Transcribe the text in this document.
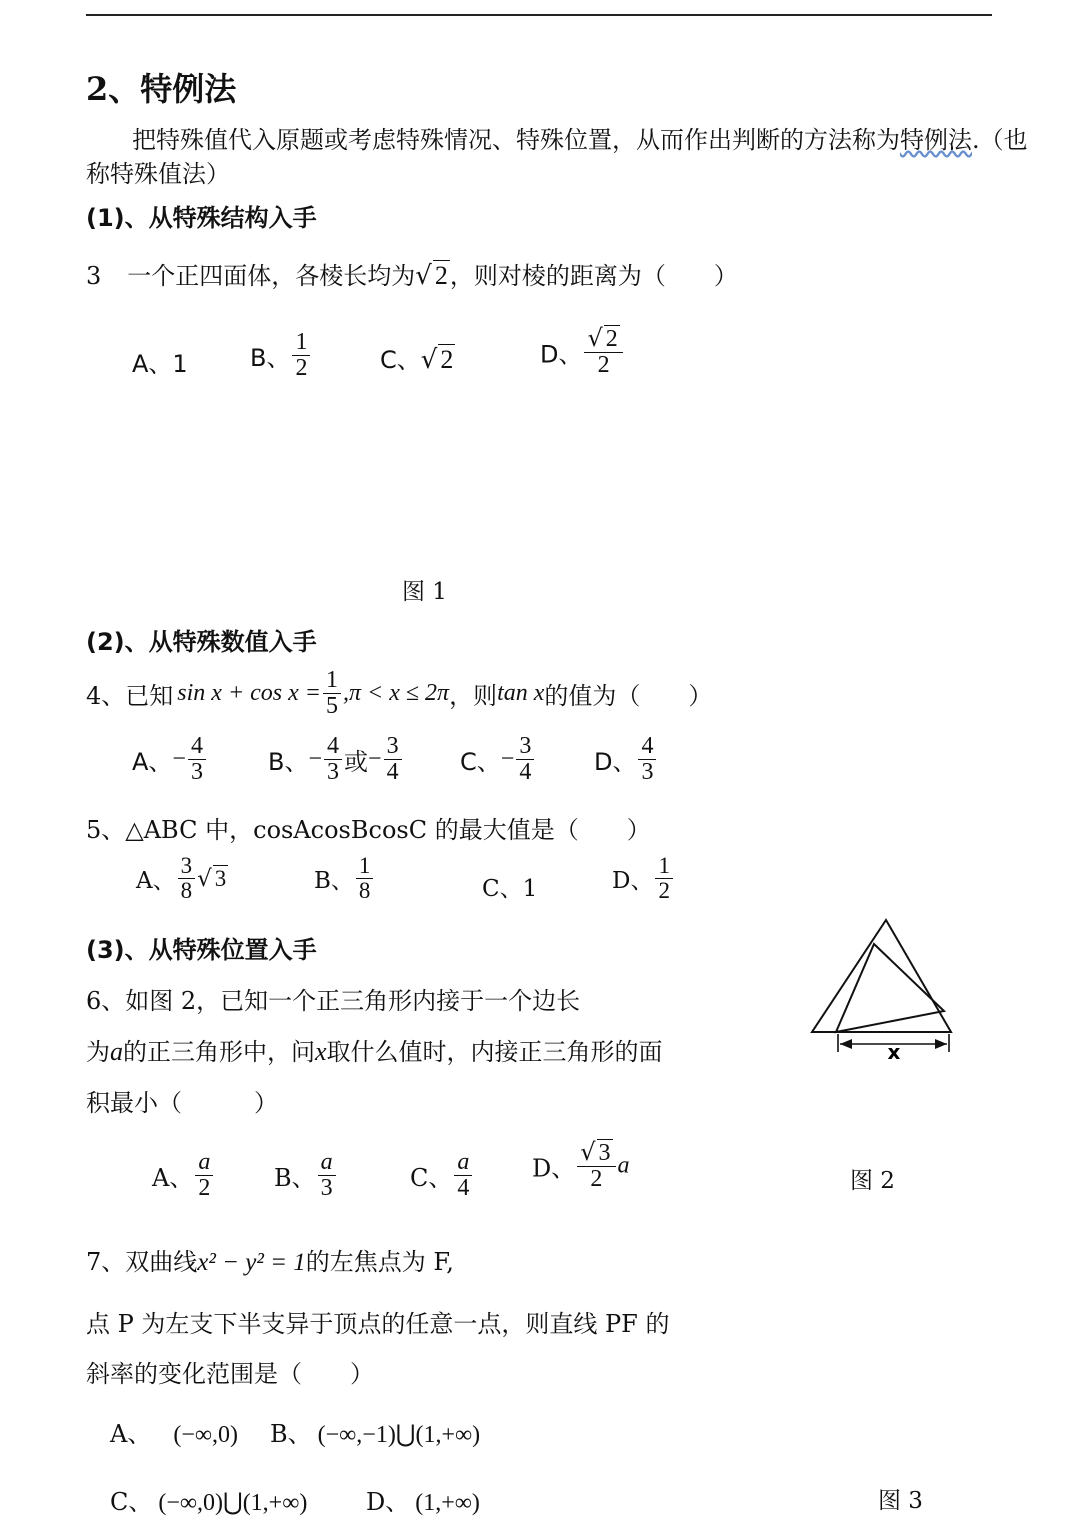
2、特例法
把特殊值代入原题或考虑特殊情况、特殊位置，从而作出判断的方法称为特例法.（也
称特殊值法）
(1)、从特殊结构入手
3 一个正四面体，各棱长均为√ 2，则对棱的距离为（　　）
A、1	B、 $\frac{1}{2}$	C、√ 2	D、 $\frac{√ 2}{2}$
图 1
(2)、从特殊数值入手
4、已知 $\sin x + \cos x = \frac{1}{5} ,\pi < x \le 2\pi$，则tan x的值为（　　）
A、− $\frac{4}{3}$	B、− $\frac{4}{3}$ 或− $\frac{3}{4}$ C、− $\frac{3}{4}$ D、 $\frac{4}{3}$
5、△ABC 中，cosAcosBcosC 的最大值是（　　）
A、 $\frac{3}{8}$ √ 3	B、 $\frac{1}{8}$	C、1	D、 $\frac{1}{2}$
(3)、从特殊位置入手
6、如图 2，已知一个正三角形内接于一个边长
为a的正三角形中，问x取什么值时，内接正三角形的面
积最小（　　　）
x
A、 $\frac{a}{2}$	B、 $\frac{a}{3}$	C、 $\frac{a}{4}$ D、 $\frac{√ 3}{2}$ a
图 2
7、双曲线x² − y² = 1的左焦点为 F,
点 P 为左支下半支异于顶点的任意一点，则直线 PF 的
斜率的变化范围是（　　）
A、 (−∞,0) B、 (−∞,−1)⋃(1,+∞)
C、 (−∞,0)⋃(1,+∞) D、 (1,+∞)	图 3
